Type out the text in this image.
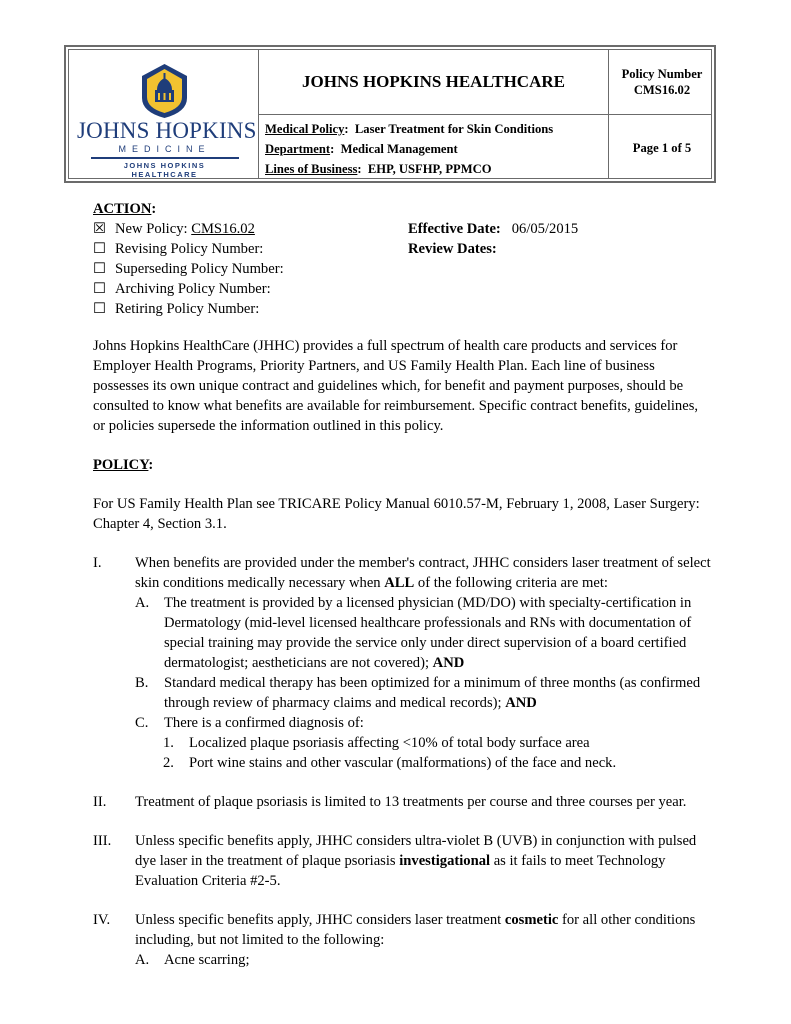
JOHNS HOPKINS
MEDICINE
JOHNS HOPKINS
HEALTHCARE
JOHNS HOPKINS HEALTHCARE
Medical Policy:  Laser Treatment for Skin Conditions
Department:  Medical Management
Lines of Business:  EHP, USFHP, PPMCO
Policy Number
CMS16.02
Page 1 of 5
ACTION:
☒ New Policy: CMS16.02	Effective Date: 06/05/2015
☐ Revising Policy Number:	Review Dates:
☐ Superseding Policy Number:
☐ Archiving Policy Number:
☐ Retiring Policy Number:

Johns Hopkins HealthCare (JHHC) provides a full spectrum of health care products and services for Employer Health Programs, Priority Partners, and US Family Health Plan. Each line of business possesses its own unique contract and guidelines which, for benefit and payment purposes, should be consulted to know what benefits are available for reimbursement. Specific contract benefits, guidelines, or policies supersede the information outlined in this policy.

POLICY:

For US Family Health Plan see TRICARE Policy Manual 6010.57-M, February 1, 2008, Laser Surgery: Chapter 4, Section 3.1.

I. When benefits are provided under the member's contract, JHHC considers laser treatment of select skin conditions medically necessary when ALL of the following criteria are met:
A. The treatment is provided by a licensed physician (MD/DO) with specialty-certification in Dermatology (mid-level licensed healthcare professionals and RNs with documentation of special training may provide the service only under direct supervision of a board certified dermatologist; aestheticians are not covered); AND
B. Standard medical therapy has been optimized for a minimum of three months (as confirmed through review of pharmacy claims and medical records); AND
C. There is a confirmed diagnosis of:
1. Localized plaque psoriasis affecting <10% of total body surface area
2. Port wine stains and other vascular (malformations) of the face and neck.
II. Treatment of plaque psoriasis is limited to 13 treatments per course and three courses per year.
III. Unless specific benefits apply, JHHC considers ultra-violet B (UVB) in conjunction with pulsed dye laser in the treatment of plaque psoriasis investigational as it fails to meet Technology Evaluation Criteria #2-5.
IV. Unless specific benefits apply, JHHC considers laser treatment cosmetic for all other conditions including, but not limited to the following:
A. Acne scarring;
